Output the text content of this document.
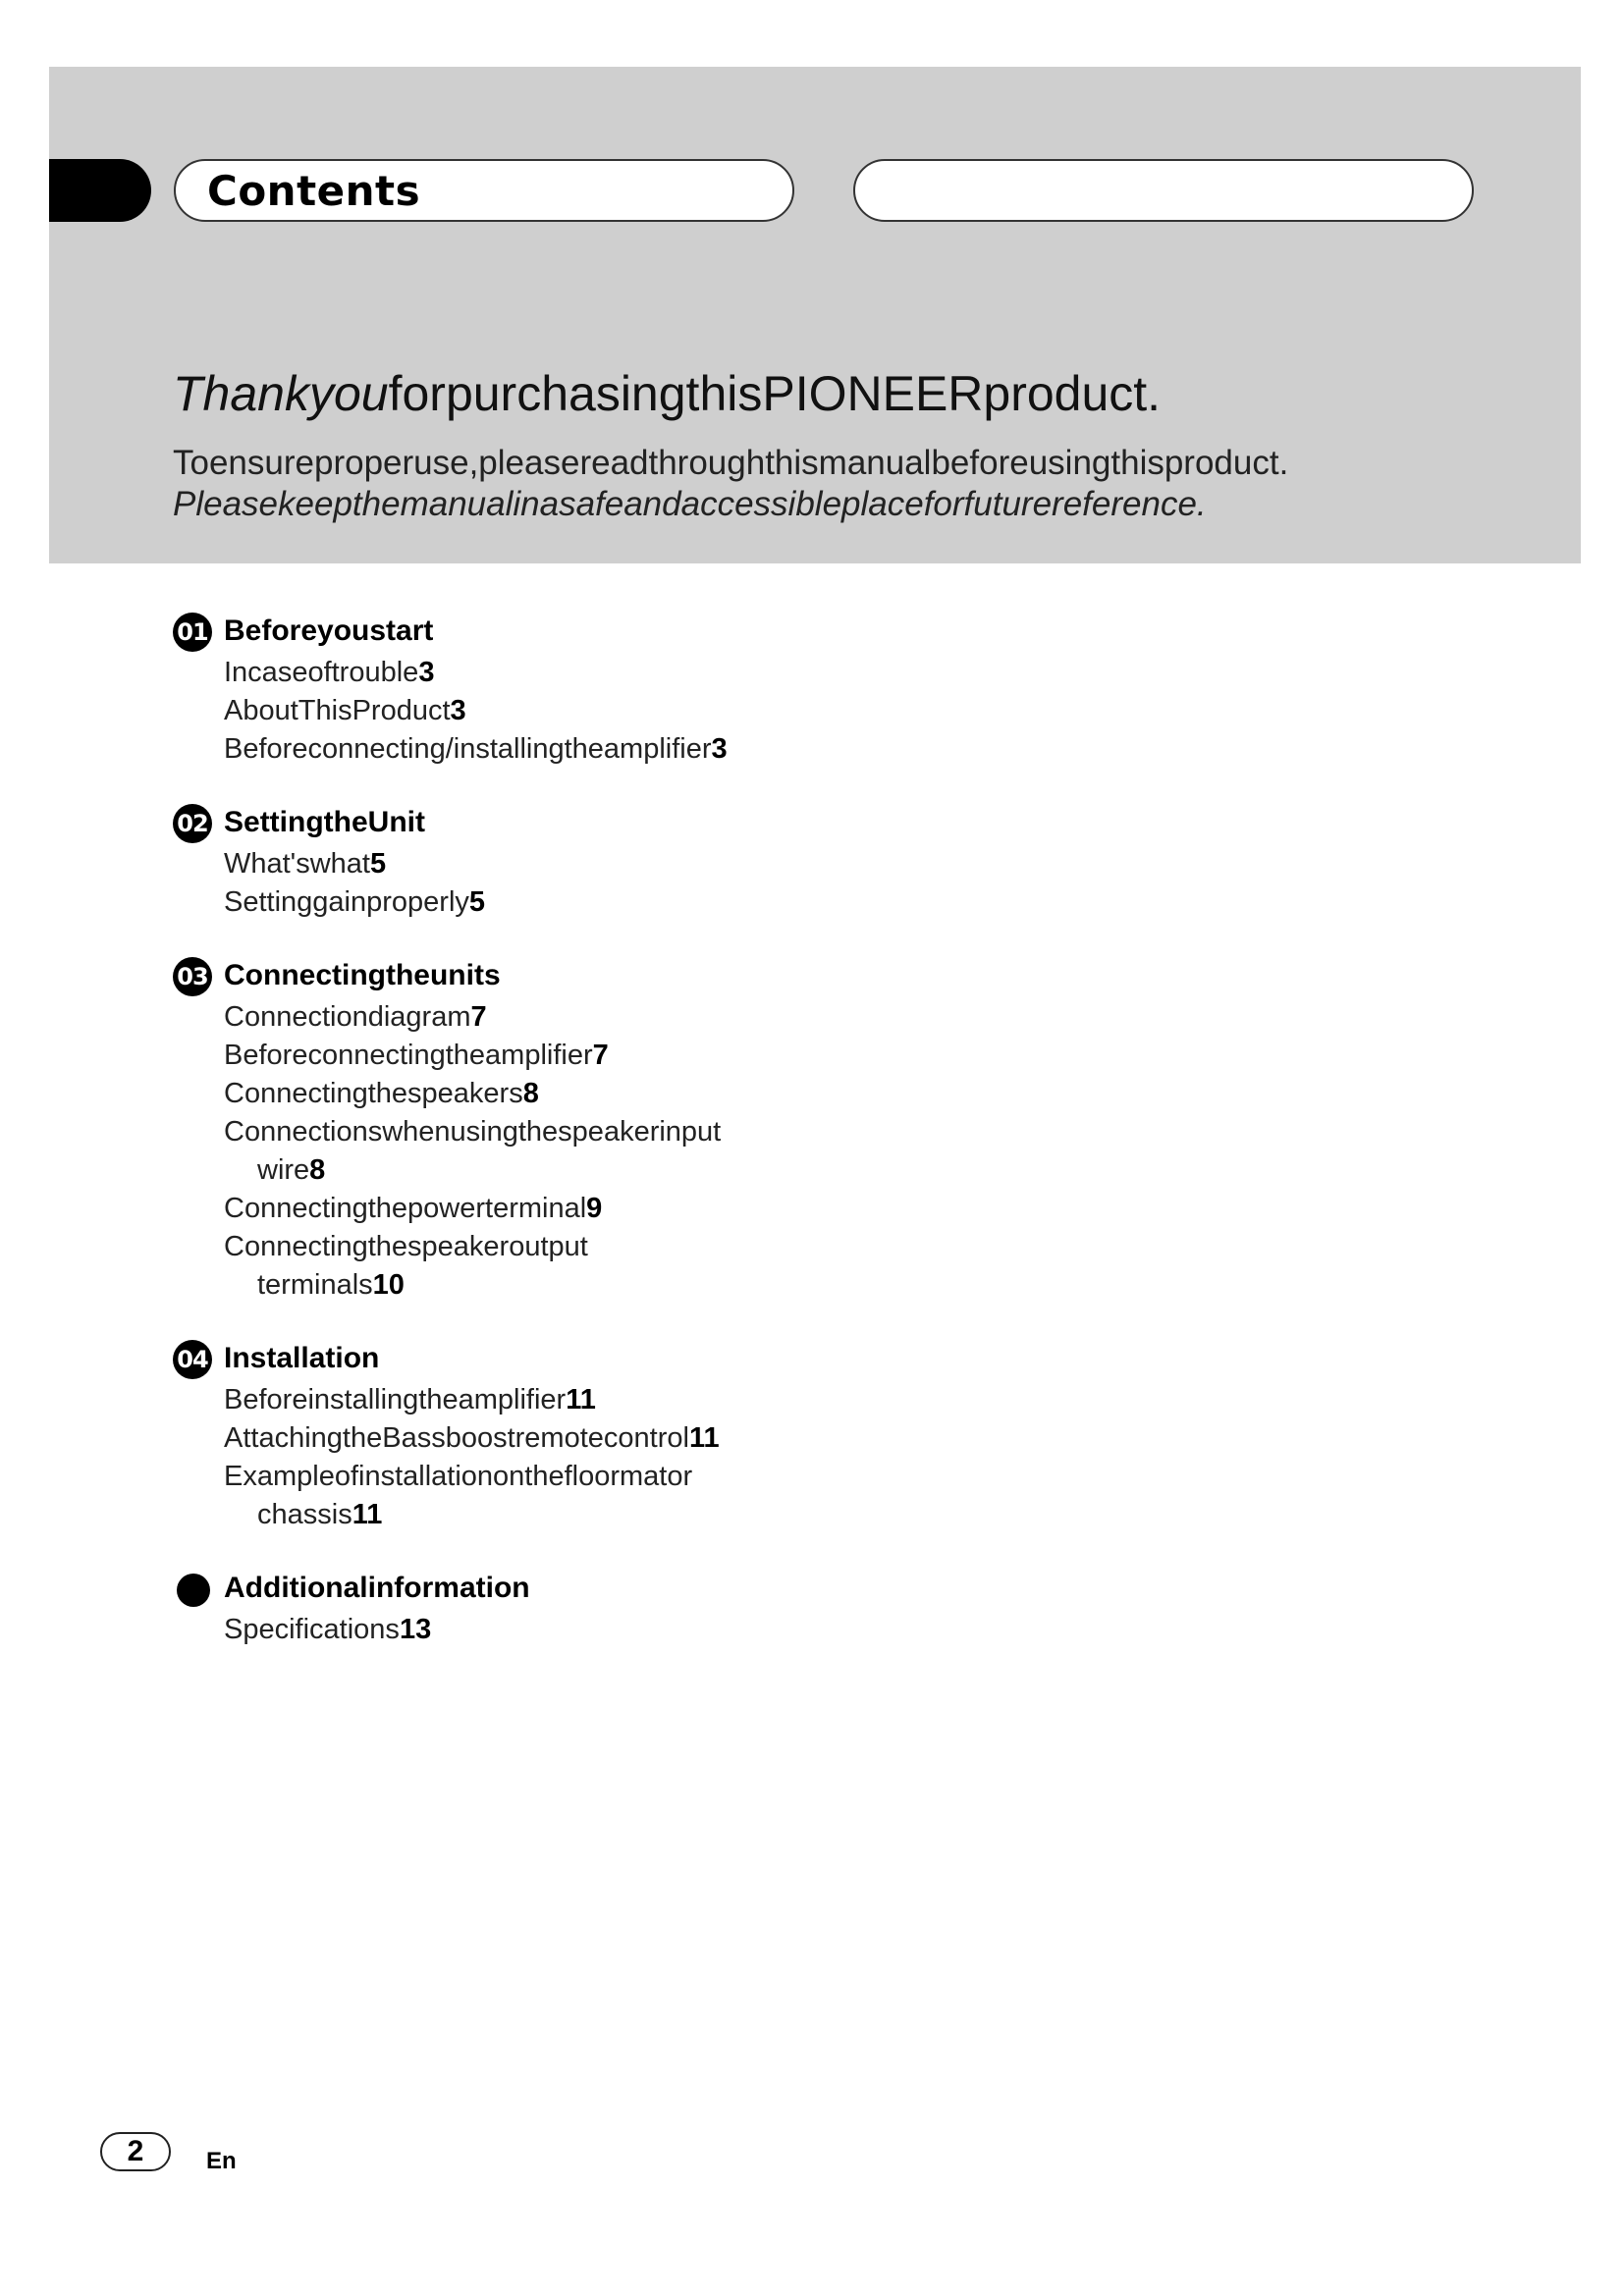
Contents
ThankyouforpurchasingthisPIONEERproduct.
Toensureproperuse,pleasereadthroughthismanualbeforeusingthisproduct.
Pleasekeepthemanualinasafeandaccessibleplaceforfuturereference.
01 Beforeyoustart
Incaseoftrouble3
AboutThisProduct3
Beforeconnecting/installingtheamplifier3
02 SettingtheUnit
What'swhat5
Settinggainproperly5
03 Connectingtheunits
Connectiondiagram7
Beforeconnectingtheamplifier7
Connectingthespeakers8
Connectionswhenusingthespeakerinput
wire8
Connectingthepowerterminal9
Connectingthespeakeroutput
terminals10
04 Installation
Beforeinstallingtheamplifier11
AttachingtheBassboostremotecontrol11
Exampleofinstallationonthefloormator
chassis11
Additionalinformation
Specifications13
2	En
